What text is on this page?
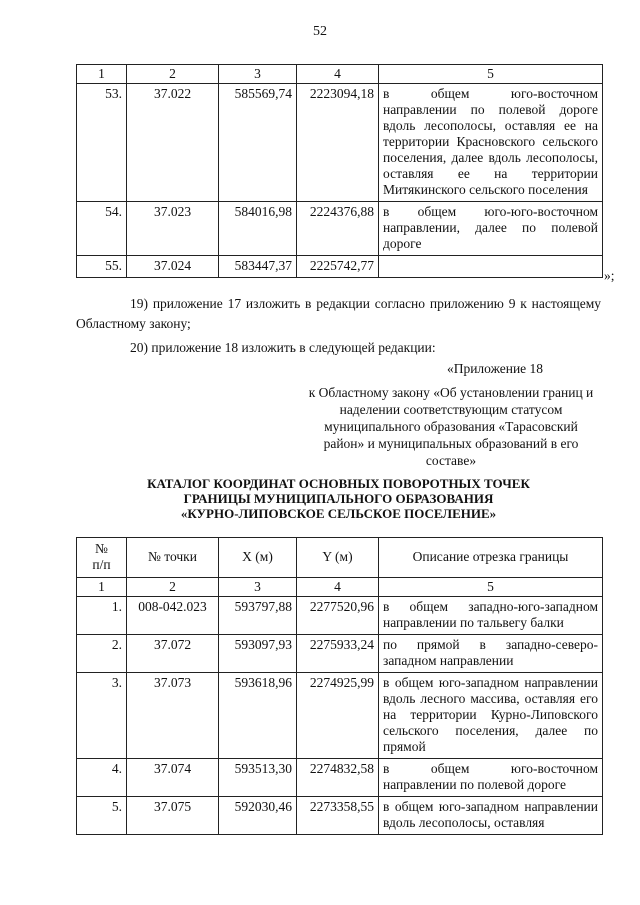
52
1	2	3	4	5
53.	37.022	585569,74	2223094,18	в общем юго-восточном направлении по полевой дороге вдоль лесополосы, оставляя ее на территории Красновского сельского поселения, далее вдоль лесополосы, оставляя ее на территории Митякинского сельского поселения
54.	37.023	584016,98	2224376,88	в общем юго-юго-восточном направлении, далее по полевой дороге
55.	37.024	583447,37	2225742,77	
»;

19) приложение 17 изложить в редакции согласно приложению 9 к настоящему Областному закону;

20) приложение 18 изложить в следующей редакции:

«Приложение 18
к Областному закону «Об установлении границ и наделении соответствующим статусом муниципального образования «Тарасовский район» и муниципальных образований в его составе»
КАТАЛОГ КООРДИНАТ ОСНОВНЫХ ПОВОРОТНЫХ ТОЧЕК
ГРАНИЦЫ МУНИЦИПАЛЬНОГО ОБРАЗОВАНИЯ
«КУРНО-ЛИПОВСКОЕ СЕЛЬСКОЕ ПОСЕЛЕНИЕ»
№
п/п	№ точки	X (м)	Y (м)	Описание отрезка границы
1	2	3	4	5
1.	008-042.023	593797,88	2277520,96	в общем западно-юго-западном направлении по тальвегу балки
2.	37.072	593097,93	2275933,24	по прямой в западно-северо-западном направлении
3.	37.073	593618,96	2274925,99	в общем юго-западном направлении вдоль лесного массива, оставляя его на территории Курно-Липовского сельского поселения, далее по прямой
4.	37.074	593513,30	2274832,58	в общем юго-восточном направлении по полевой дороге
5.	37.075	592030,46	2273358,55	в общем юго-западном направлении вдоль лесополосы, оставляя
